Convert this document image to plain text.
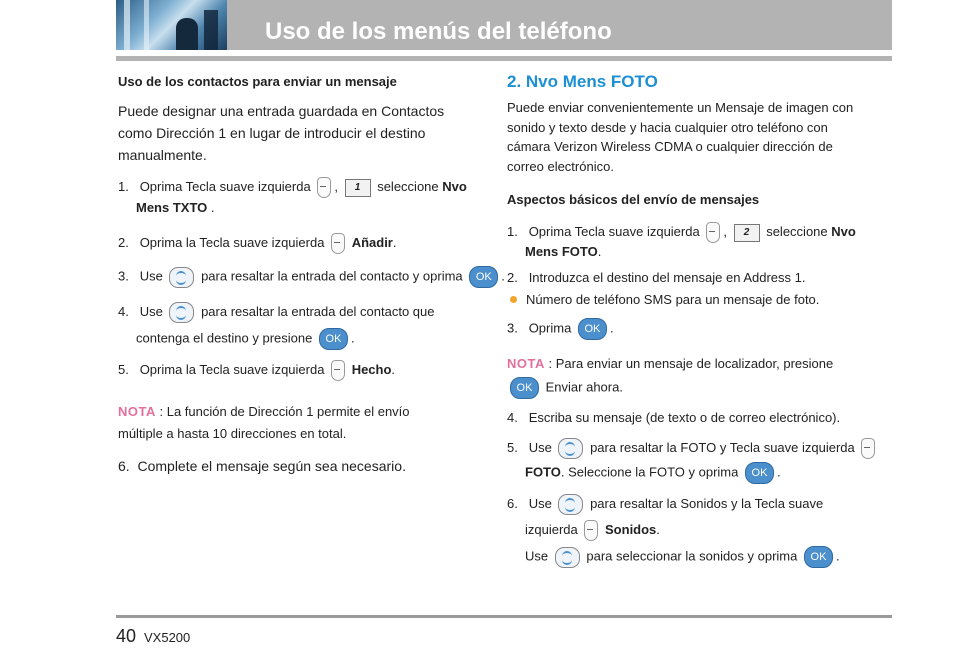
Uso de los menús del teléfono
Uso de los contactos para enviar un mensaje
Puede designar una entrada guardada en Contactos
como Dirección 1 en lugar de introducir el destino
manualmente.
1. Oprima Tecla suave izquierda , 1 seleccione Nvo
Mens TXTO .
2. Oprima la Tecla suave izquierda Añadir.
3. Use	para resaltar la entrada del contacto y oprima OK .
4. Use	para resaltar la entrada del contacto que
contenga el destino y presione OK .
5. Oprima la Tecla suave izquierda Hecho.
NOTA : La función de Dirección 1 permite el envío
múltiple a hasta 10 direcciones en total.
6. Complete el mensaje según sea necesario.
2. Nvo Mens FOTO
Puede enviar convenientemente un Mensaje de imagen con
sonido y texto desde y hacia cualquier otro teléfono con
cámara Verizon Wireless CDMA o cualquier dirección de
correo electrónico.
Aspectos básicos del envío de mensajes
1. Oprima Tecla suave izquierda , 2 seleccione Nvo
Mens FOTO.
2. Introduzca el destino del mensaje en Address 1.
Número de teléfono SMS para un mensaje de foto.
3. Oprima OK .
NOTA : Para enviar un mensaje de localizador, presione
OK Enviar ahora.
4. Escriba su mensaje (de texto o de correo electrónico).
5. Use	para resaltar la FOTO y Tecla suave izquierda
FOTO. Seleccione la FOTO y oprima OK .
6. Use	para resaltar la Sonidos y la Tecla suave
izquierda Sonidos.
Use	para seleccionar la sonidos y oprima OK .
40 VX5200
